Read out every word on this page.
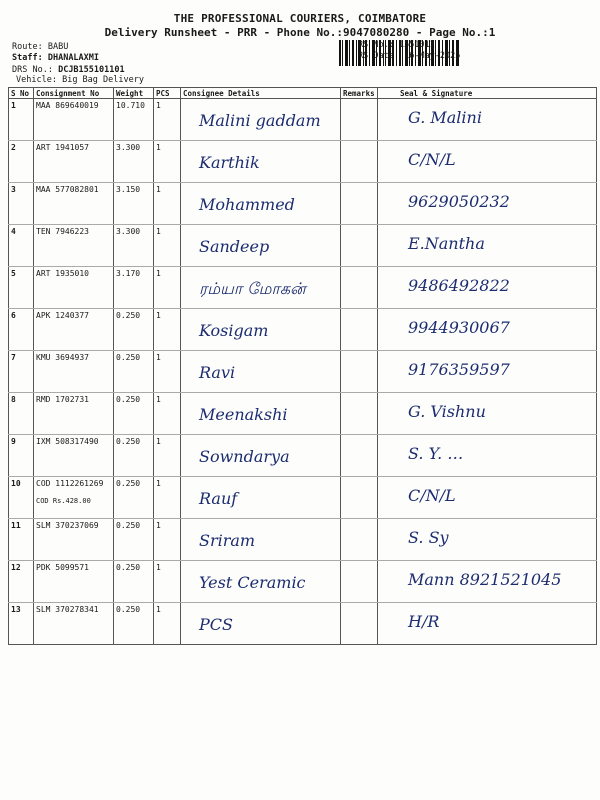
THE PROFESSIONAL COURIERS, COIMBATORE
Delivery Runsheet - PRR - Phone No.:9047080280 - Page No.:1
Route: BABU
Staff: DHANALAXMI
DRS No.: DCJB155101101
Vehicle: Big Bag Delivery
RS No.: 1551011
RS Date: 16-May-2025
S No	Consignment No	Weight	PCS	Consignee Details	Remarks	Seal & Signature
1	MAA 869640019	10.710	1	Malini gaddam		G. Malini

2	ART 1941057	3.300	1	Karthik		C/N/L

3	MAA 577082801	3.150	1	Mohammed		9629050232

4	TEN 7946223	3.300	1	Sandeep		E.Nantha

5	ART 1935010	3.170	1	ரம்யா மோகன்		9486492822

6	APK 1240377	0.250	1	Kosigam		9944930067

7	KMU 3694937	0.250	1	Ravi		9176359597

8	RMD 1702731	0.250	1	Meenakshi		G. Vishnu

9	IXM 508317490	0.250	1	Sowndarya		S. Y. …

10	COD 1112261269
COD Rs.428.00	0.250	1	Rauf		C/N/L

11	SLM 370237069	0.250	1	Sriram		S. Sy

12	PDK 5099571	0.250	1	Yest Ceramic		Mann 8921521045

13	SLM 370278341	0.250	1	PCS		H/R
